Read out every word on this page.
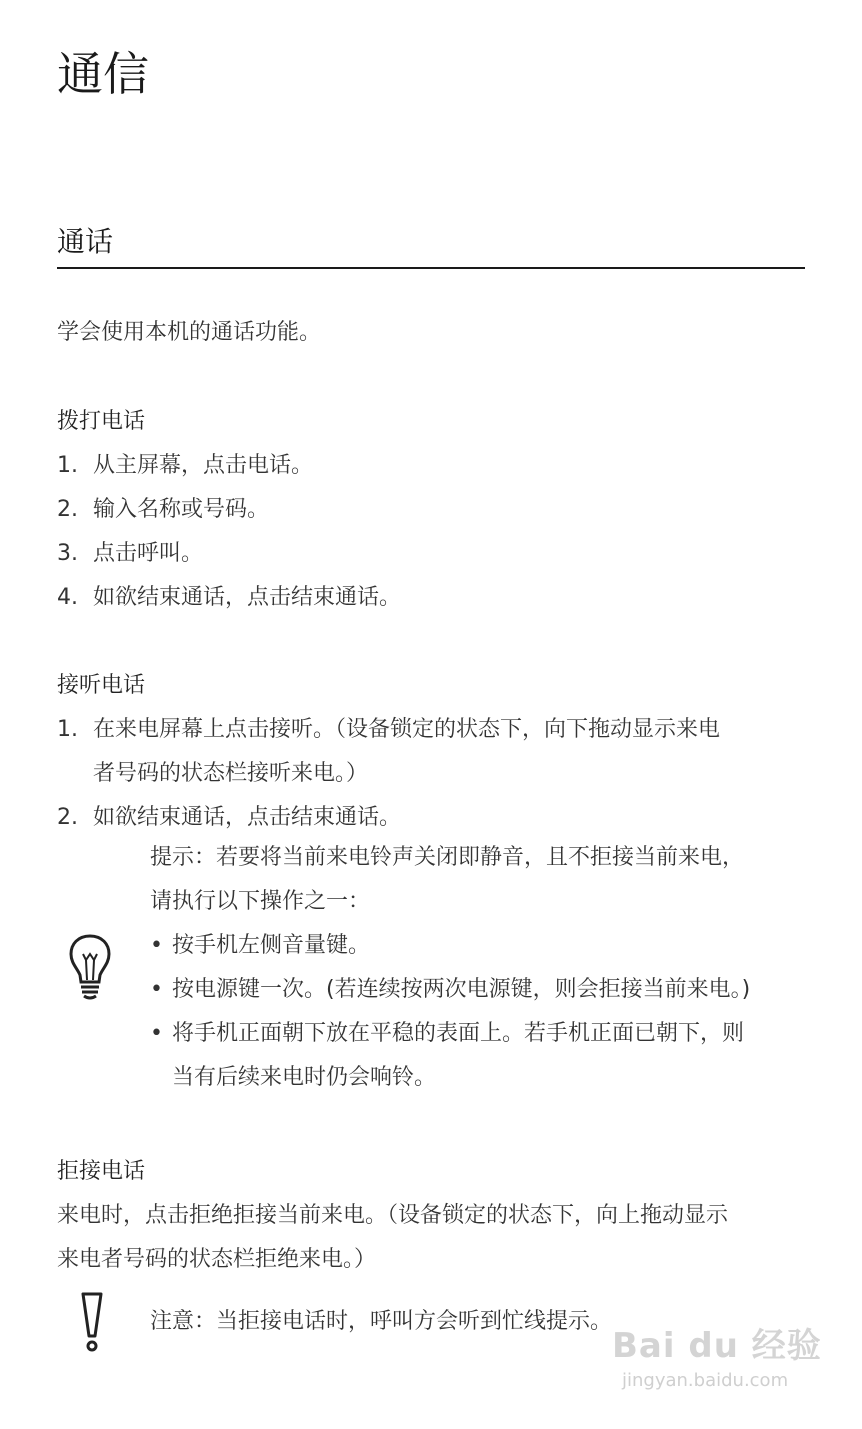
通信
通话
学会使用本机的通话功能。
拨打电话
1. 从主屏幕，点击电话。
2. 输入名称或号码。
3. 点击呼叫。
4. 如欲结束通话，点击结束通话。
接听电话
1. 在来电屏幕上点击接听。（设备锁定的状态下，向下拖动显示来电
者号码的状态栏接听来电。）
2. 如欲结束通话，点击结束通话。
提示：若要将当前来电铃声关闭即静音，且不拒接当前来电，
请执行以下操作之一：
• 按手机左侧音量键。
• 按电源键一次。(若连续按两次电源键，则会拒接当前来电。)
• 将手机正面朝下放在平稳的表面上。若手机正面已朝下，则
当有后续来电时仍会响铃。
拒接电话
来电时，点击拒绝拒接当前来电。（设备锁定的状态下，向上拖动显示
来电者号码的状态栏拒绝来电。）
注意：当拒接电话时，呼叫方会听到忙线提示。
Bai du 经验
jingyan.baidu.com
